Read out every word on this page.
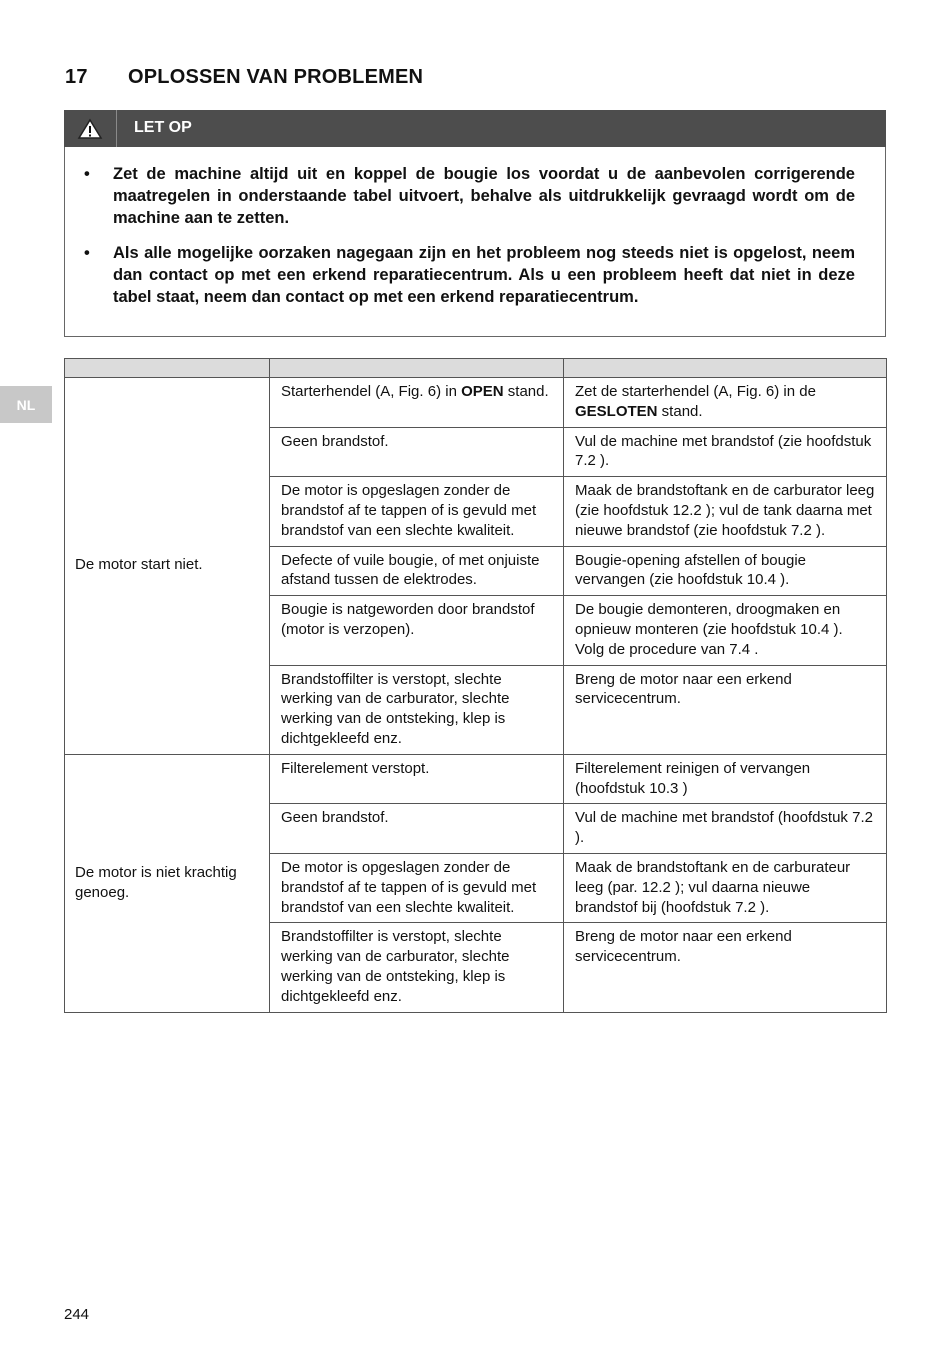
17 OPLOSSEN VAN PROBLEMEN
LET OP
• Zet de machine altijd uit en koppel de bougie los voordat u de aanbevolen corrigerende maatregelen in onderstaande tabel uitvoert, behalve als uitdrukkelijk gevraagd wordt om de machine aan te zetten.
• Als alle mogelijke oorzaken nagegaan zijn en het probleem nog steeds niet is opgelost, neem dan contact op met een erkend reparatiecentrum. Als u een probleem heeft dat niet in deze tabel staat, neem dan contact op met een erkend reparatiecentrum.
NL

De motor start niet.	Starterhendel (A, Fig. 6) in OPEN stand.	Zet de starterhendel (A, Fig. 6) in de GESLOTEN stand.
	Geen brandstof.	Vul de machine met brandstof (zie hoofdstuk 7.2 ).
	De motor is opgeslagen zonder de brandstof af te tappen of is gevuld met brandstof van een slechte kwaliteit.	Maak de brandstoftank en de carburator leeg (zie hoofdstuk 12.2 ); vul de tank daarna met nieuwe brandstof (zie hoofdstuk 7.2 ).
	Defecte of vuile bougie, of met onjuiste afstand tussen de elektrodes.	Bougie-opening afstellen of bougie vervangen (zie hoofdstuk 10.4 ).
	Bougie is natgeworden door brandstof (motor is verzopen).	De bougie demonteren, droogmaken en opnieuw monteren (zie hoofdstuk 10.4 ). Volg de procedure van 7.4 .
	Brandstoffilter is verstopt, slechte werking van de carburator, slechte werking van de ontsteking, klep is dichtgekleefd enz.	Breng de motor naar een erkend servicecentrum.
De motor is niet krachtig genoeg.	Filterelement verstopt.	Filterelement reinigen of vervangen (hoofdstuk 10.3 )
	Geen brandstof.	Vul de machine met brandstof (hoofdstuk 7.2 ).
	De motor is opgeslagen zonder de brandstof af te tappen of is gevuld met brandstof van een slechte kwaliteit.	Maak de brandstoftank en de carburateur leeg (par. 12.2 ); vul daarna nieuwe brandstof bij (hoofdstuk 7.2 ).
	Brandstoffilter is verstopt, slechte werking van de carburator, slechte werking van de ontsteking, klep is dichtgekleefd enz.	Breng de motor naar een erkend servicecentrum.
244
